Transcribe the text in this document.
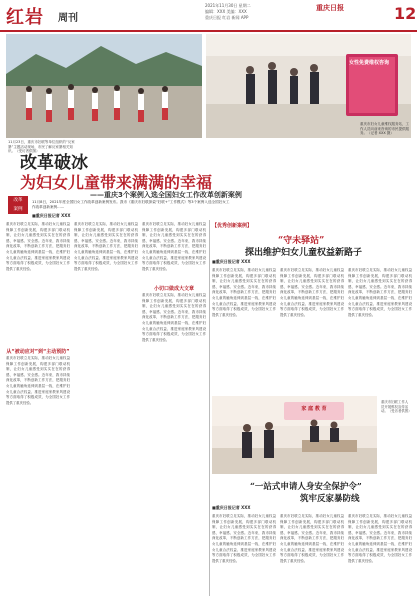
红岩 周刊
2021年11月30日 星期二
编辑：XXX 美编：XXX
重庆日报 红岩 新闻 APP
重庆日报	12
11月23日，重庆市妇联等单位组织的“反家暴”主题活动现场，市民了解反家暴相关知识。（受访者供图）
女性免费维权咨询
重庆市妇女儿童维权服务站，工作人员向前来咨询的市民提供服务。（记者 XXX 摄）
改革破冰
为妇女儿童带来满满的幸福
——重庆3个案例入选全国妇女工作改革创新案例
改革
案例
11月8日，2021年度全国妇女工作改革创新案例发布。我市《重庆市妇联探索“妇联+”工作模式》等3个案例入选全国妇女工作改革创新案例……
■重庆日报记者 XXX
重庆市妇联立足实际，推动妇女儿童权益保障工作创新发展，构建多部门联动机制，让妇女儿童感受到实实在在的获得感、幸福感、安全感。近年来，我市持续深化改革，不断创新工作方法，把服务妇女儿童的触角延伸到基层一线，在维护妇女儿童合法权益、推进家庭家教家风建设等方面取得了积极成效，为全国妇女工作提供了重庆经验。
从“被动应对”到“主动预防”
重庆市妇联立足实际，推动妇女儿童权益保障工作创新发展，构建多部门联动机制，让妇女儿童感受到实实在在的获得感、幸福感、安全感。近年来，我市持续深化改革，不断创新工作方法，把服务妇女儿童的触角延伸到基层一线，在维护妇女儿童合法权益、推进家庭家教家风建设等方面取得了积极成效，为全国妇女工作提供了重庆经验。
重庆市妇联立足实际，推动妇女儿童权益保障工作创新发展，构建多部门联动机制，让妇女儿童感受到实实在在的获得感、幸福感、安全感。近年来，我市持续深化改革，不断创新工作方法，把服务妇女儿童的触角延伸到基层一线，在维护妇女儿童合法权益、推进家庭家教家风建设等方面取得了积极成效，为全国妇女工作提供了重庆经验。
重庆市妇联立足实际，推动妇女儿童权益保障工作创新发展，构建多部门联动机制，让妇女儿童感受到实实在在的获得感、幸福感、安全感。近年来，我市持续深化改革，不断创新工作方法，把服务妇女儿童的触角延伸到基层一线，在维护妇女儿童合法权益、推进家庭家教家风建设等方面取得了积极成效，为全国妇女工作提供了重庆经验。
小切口做成大文章
重庆市妇联立足实际，推动妇女儿童权益保障工作创新发展，构建多部门联动机制，让妇女儿童感受到实实在在的获得感、幸福感、安全感。近年来，我市持续深化改革，不断创新工作方法，把服务妇女儿童的触角延伸到基层一线，在维护妇女儿童合法权益、推进家庭家教家风建设等方面取得了积极成效，为全国妇女工作提供了重庆经验。
【优秀创新案例】
“守未驿站”
探出维护妇女儿童权益新路子
■重庆日报记者 XXX
重庆市妇联立足实际，推动妇女儿童权益保障工作创新发展，构建多部门联动机制，让妇女儿童感受到实实在在的获得感、幸福感、安全感。近年来，我市持续深化改革，不断创新工作方法，把服务妇女儿童的触角延伸到基层一线，在维护妇女儿童合法权益、推进家庭家教家风建设等方面取得了积极成效，为全国妇女工作提供了重庆经验。
重庆市妇联立足实际，推动妇女儿童权益保障工作创新发展，构建多部门联动机制，让妇女儿童感受到实实在在的获得感、幸福感、安全感。近年来，我市持续深化改革，不断创新工作方法，把服务妇女儿童的触角延伸到基层一线，在维护妇女儿童合法权益、推进家庭家教家风建设等方面取得了积极成效，为全国妇女工作提供了重庆经验。
重庆市妇联立足实际，推动妇女儿童权益保障工作创新发展，构建多部门联动机制，让妇女儿童感受到实实在在的获得感、幸福感、安全感。近年来，我市持续深化改革，不断创新工作方法，把服务妇女儿童的触角延伸到基层一线，在维护妇女儿童合法权益、推进家庭家教家风建设等方面取得了积极成效，为全国妇女工作提供了重庆经验。
家 庭 教 育
重庆市妇联工作人员开展维权宣传活动。（受访者供图）
“一站式申请人身安全保护令”
筑牢反家暴防线
■重庆日报记者 XXX
重庆市妇联立足实际，推动妇女儿童权益保障工作创新发展，构建多部门联动机制，让妇女儿童感受到实实在在的获得感、幸福感、安全感。近年来，我市持续深化改革，不断创新工作方法，把服务妇女儿童的触角延伸到基层一线，在维护妇女儿童合法权益、推进家庭家教家风建设等方面取得了积极成效，为全国妇女工作提供了重庆经验。
重庆市妇联立足实际，推动妇女儿童权益保障工作创新发展，构建多部门联动机制，让妇女儿童感受到实实在在的获得感、幸福感、安全感。近年来，我市持续深化改革，不断创新工作方法，把服务妇女儿童的触角延伸到基层一线，在维护妇女儿童合法权益、推进家庭家教家风建设等方面取得了积极成效，为全国妇女工作提供了重庆经验。
重庆市妇联立足实际，推动妇女儿童权益保障工作创新发展，构建多部门联动机制，让妇女儿童感受到实实在在的获得感、幸福感、安全感。近年来，我市持续深化改革，不断创新工作方法，把服务妇女儿童的触角延伸到基层一线，在维护妇女儿童合法权益、推进家庭家教家风建设等方面取得了积极成效，为全国妇女工作提供了重庆经验。
